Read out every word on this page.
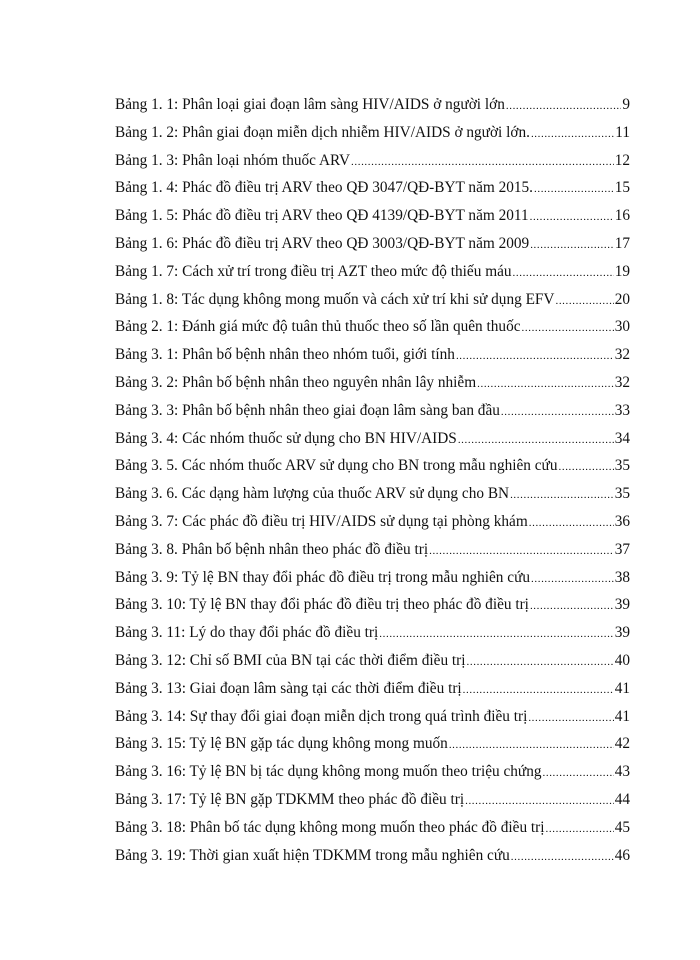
Bảng 1. 1: Phân loại giai đoạn lâm sàng HIV/AIDS ở người lớn .....	9
Bảng 1. 2: Phân giai đoạn miễn dịch nhiễm HIV/AIDS ở người lớn. .....	11
Bảng 1. 3: Phân loại nhóm thuốc ARV .....	12
Bảng 1. 4: Phác đồ điều trị ARV theo QĐ 3047/QĐ-BYT năm 2015. .....	15
Bảng 1. 5: Phác đồ điều trị ARV theo QĐ 4139/QĐ-BYT năm 2011 .....	16
Bảng 1. 6: Phác đồ điều trị ARV theo QĐ 3003/QĐ-BYT năm 2009 .....	17
Bảng 1. 7: Cách xử trí trong điều trị AZT theo mức độ thiếu máu .....	19
Bảng 1. 8: Tác dụng không mong muốn và cách xử trí khi sử dụng EFV .....	20
Bảng 2. 1: Đánh giá mức độ tuân thủ thuốc theo số lần quên thuốc .....	30
Bảng 3. 1: Phân bố bệnh nhân theo nhóm tuổi, giới tính .....	32
Bảng 3. 2: Phân bố bệnh nhân theo nguyên nhân lây nhiễm .....	32
Bảng 3. 3: Phân bố bệnh nhân theo giai đoạn lâm sàng ban đầu .....	33
Bảng 3. 4: Các nhóm thuốc sử dụng cho BN HIV/AIDS .....	34
Bảng 3. 5. Các nhóm thuốc ARV sử dụng cho BN trong mẫu nghiên cứu .....	35
Bảng 3. 6. Các dạng hàm lượng của thuốc ARV sử dụng cho BN .....	35
Bảng 3. 7: Các phác đồ điều trị HIV/AIDS sử dụng tại phòng khám .....	36
Bảng 3. 8. Phân bố bệnh nhân theo phác đồ điều trị .....	37
Bảng 3. 9: Tỷ lệ BN thay đổi phác đồ điều trị trong mẫu nghiên cứu .....	38
Bảng 3. 10: Tỷ lệ BN thay đổi phác đồ điều trị theo phác đồ điều trị .....	39
Bảng 3. 11: Lý do thay đổi phác đồ điều trị .....	39
Bảng 3. 12: Chỉ số BMI của BN tại các thời điểm điều trị .....	40
Bảng 3. 13: Giai đoạn lâm sàng tại các thời điểm điều trị .....	41
Bảng 3. 14: Sự thay đổi giai đoạn miễn dịch trong quá trình điều trị .....	41
Bảng 3. 15: Tỷ lệ BN gặp tác dụng không mong muốn .....	42
Bảng 3. 16: Tỷ lệ BN bị tác dụng không mong muốn theo triệu chứng .....	43
Bảng 3. 17: Tỷ lệ BN gặp TDKMM theo phác đồ điều trị .....	44
Bảng 3. 18: Phân bố tác dụng không mong muốn theo phác đồ điều trị .....	45
Bảng 3. 19: Thời gian xuất hiện TDKMM trong mẫu nghiên cứu .....	46
